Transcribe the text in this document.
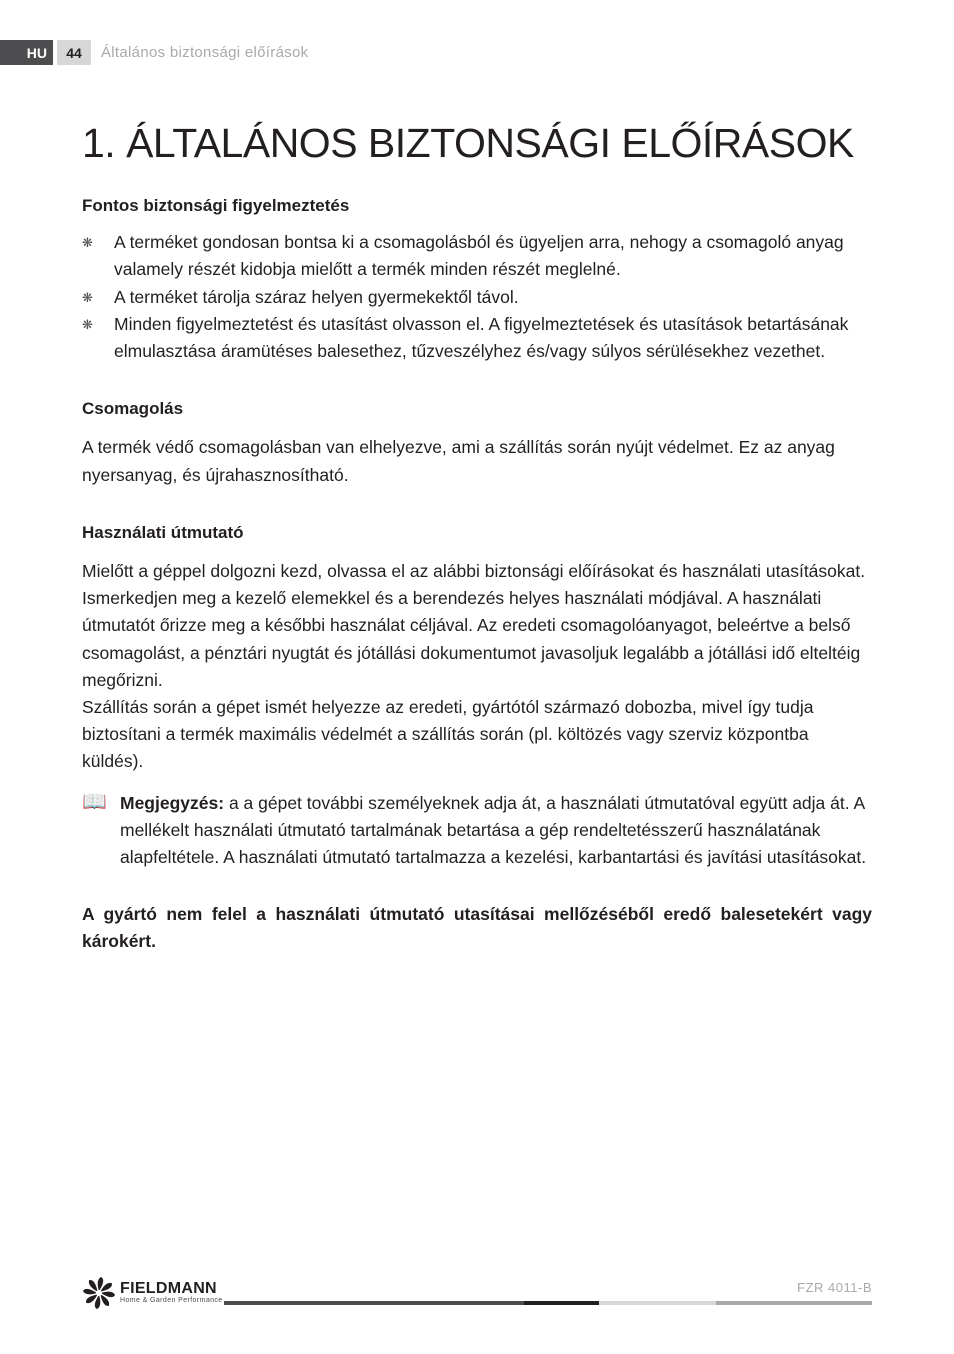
HU	44	Általános biztonsági előírások
1. ÁLTALÁNOS BIZTONSÁGI ELŐÍRÁSOK

Fontos biztonsági figyelmeztetés

❋ A terméket gondosan bontsa ki a csomagolásból és ügyeljen arra, nehogy a csomagoló anyag valamely részét kidobja mielőtt a termék minden részét meglelné.
❋ A terméket tárolja száraz helyen gyermekektől távol.
❋ Minden figyelmeztetést és utasítást olvasson el. A figyelmeztetések és utasítások betartásának elmulasztása áramütéses balesethez, tűzveszélyhez és/vagy súlyos sérülésekhez vezethet.

Csomagolás

A termék védő csomagolásban van elhelyezve, ami a szállítás során nyújt védelmet. Ez az anyag nyersanyag, és újrahasznosítható.

Használati útmutató

Mielőtt a géppel dolgozni kezd, olvassa el az alábbi biztonsági előírásokat és használati utasításokat. Ismerkedjen meg a kezelő elemekkel és a berendezés helyes használati módjával. A használati útmutatót őrizze meg a későbbi használat céljával. Az eredeti csomagolóanyagot, beleértve a belső csomagolást, a pénztári nyugtát és jótállási dokumentumot javasoljuk legalább a jótállási idő elteltéig megőrizni.

Szállítás során a gépet ismét helyezze az eredeti, gyártótól származó dobozba, mivel így tudja biztosítani a termék maximális védelmét a szállítás során (pl. költözés vagy szerviz központba küldés).

📖 Megjegyzés: a a gépet további személyeknek adja át, a használati útmutatóval együtt adja át. A mellékelt használati útmutató tartalmának betartása a gép rendeltetésszerű használatának alapfeltétele. A használati útmutató tartalmazza a kezelési, karbantartási és javítási utasításokat.

A gyártó nem felel a használati útmutató utasításai mellőzéséből eredő balesetekért vagy károkért.

FIELDMANN
Home & Garden Performance
FZR 4011-B
